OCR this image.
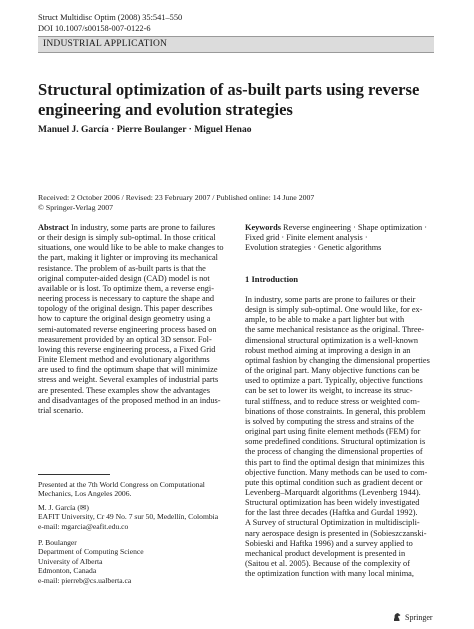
Struct Multidisc Optim (2008) 35:541–550
DOI 10.1007/s00158-007-0122-6
INDUSTRIAL APPLICATION
Structural optimization of as-built parts using reverse
engineering and evolution strategies
Manuel J. García · Pierre Boulanger · Miguel Henao
Received: 2 October 2006 / Revised: 23 February 2007 / Published online: 14 June 2007
© Springer-Verlag 2007
Abstract In industry, some parts are prone to failures
or their design is simply sub-optimal. In those critical
situations, one would like to be able to make changes to
the part, making it lighter or improving its mechanical
resistance. The problem of as-built parts is that the
original computer-aided design (CAD) model is not
available or is lost. To optimize them, a reverse engi-
neering process is necessary to capture the shape and
topology of the original design. This paper describes
how to capture the original design geometry using a
semi-automated reverse engineering process based on
measurement provided by an optical 3D sensor. Fol-
lowing this reverse engineering process, a Fixed Grid
Finite Element method and evolutionary algorithms
are used to find the optimum shape that will minimize
stress and weight. Several examples of industrial parts
are presented. These examples show the advantages
and disadvantages of the proposed method in an indus-
trial scenario.
Keywords Reverse engineering · Shape optimization ·
Fixed grid · Finite element analysis ·
Evolution strategies · Genetic algorithms
1 Introduction
In industry, some parts are prone to failures or their
design is simply sub-optimal. One would like, for ex-
ample, to be able to make a part lighter but with
the same mechanical resistance as the original. Three-
dimensional structural optimization is a well-known
robust method aiming at improving a design in an
optimal fashion by changing the dimensional properties
of the original part. Many objective functions can be
used to optimize a part. Typically, objective functions
can be set to lower its weight, to increase its struc-
tural stiffness, and to reduce stress or weighted com-
binations of those constraints. In general, this problem
is solved by computing the stress and strains of the
original part using finite element methods (FEM) for
some predefined conditions. Structural optimization is
the process of changing the dimensional properties of
this part to find the optimal design that minimizes this
objective function. Many methods can be used to com-
pute this optimal condition such as gradient decent or
Levenberg–Marquardt algorithms (Levenberg 1944).
Structural optimization has been widely investigated
for the last three decades (Haftka and Gurdal 1992).
A Survey of structural Optimization in multidiscipli-
nary aerospace design is presented in (Sobieszczanski-
Sobieski and Haftka 1996) and a survey applied to
mechanical product development is presented in
(Saitou et al. 2005). Because of the complexity of
the optimization function with many local minima,
Presented at the 7th World Congress on Computational
Mechanics, Los Angeles 2006.
M. J. García (✉)
EAFIT University, Cr 49 No. 7 sur 50, Medellín, Colombia
e-mail: mgarcia@eafit.edu.co
P. Boulanger
Department of Computing Science
University of Alberta
Edmonton, Canada
e-mail: pierreb@cs.ualberta.ca
Springer
